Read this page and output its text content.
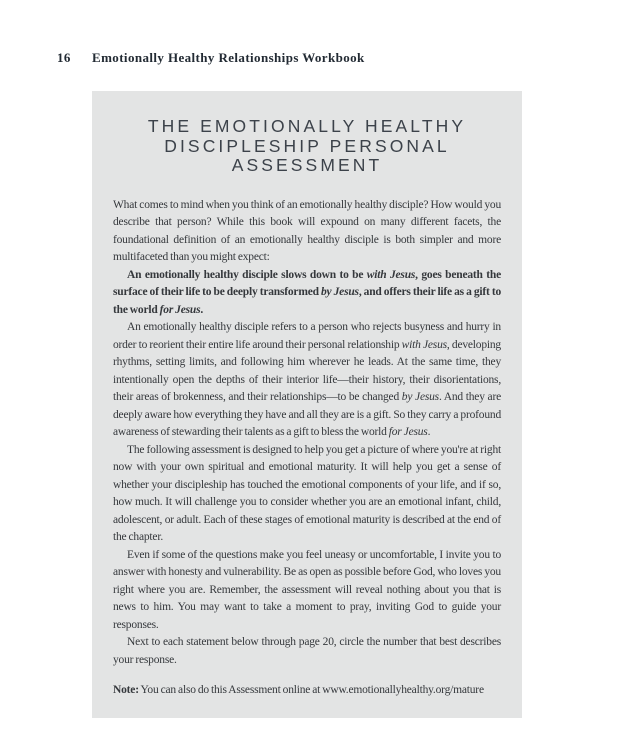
16 Emotionally Healthy Relationships Workbook
THE EMOTIONALLY HEALTHY
DISCIPLESHIP PERSONAL
ASSESSMENT

What comes to mind when you think of an emotionally healthy disciple? How would you describe that person? While this book will expound on many different facets, the foundational definition of an emotionally healthy disciple is both simpler and more multifaceted than you might expect:

An emotionally healthy disciple slows down to be with Jesus, goes beneath the surface of their life to be deeply transformed by Jesus, and offers their life as a gift to the world for Jesus.

An emotionally healthy disciple refers to a person who rejects busyness and hurry in order to reorient their entire life around their personal relationship with Jesus, developing rhythms, setting limits, and following him wherever he leads. At the same time, they intentionally open the depths of their interior life—their history, their disorientations, their areas of brokenness, and their relationships—to be changed by Jesus. And they are deeply aware how everything they have and all they are is a gift. So they carry a profound awareness of stewarding their talents as a gift to bless the world for Jesus.

The following assessment is designed to help you get a picture of where you're at right now with your own spiritual and emotional maturity. It will help you get a sense of whether your discipleship has touched the emotional components of your life, and if so, how much. It will challenge you to consider whether you are an emotional infant, child, adolescent, or adult. Each of these stages of emotional maturity is described at the end of the chapter.

Even if some of the questions make you feel uneasy or uncomfortable, I invite you to answer with honesty and vulnerability. Be as open as possible before God, who loves you right where you are. Remember, the assessment will reveal nothing about you that is news to him. You may want to take a moment to pray, inviting God to guide your responses.

Next to each statement below through page 20, circle the number that best describes your response.

Note: You can also do this Assessment online at www.emotionallyhealthy.org/mature
